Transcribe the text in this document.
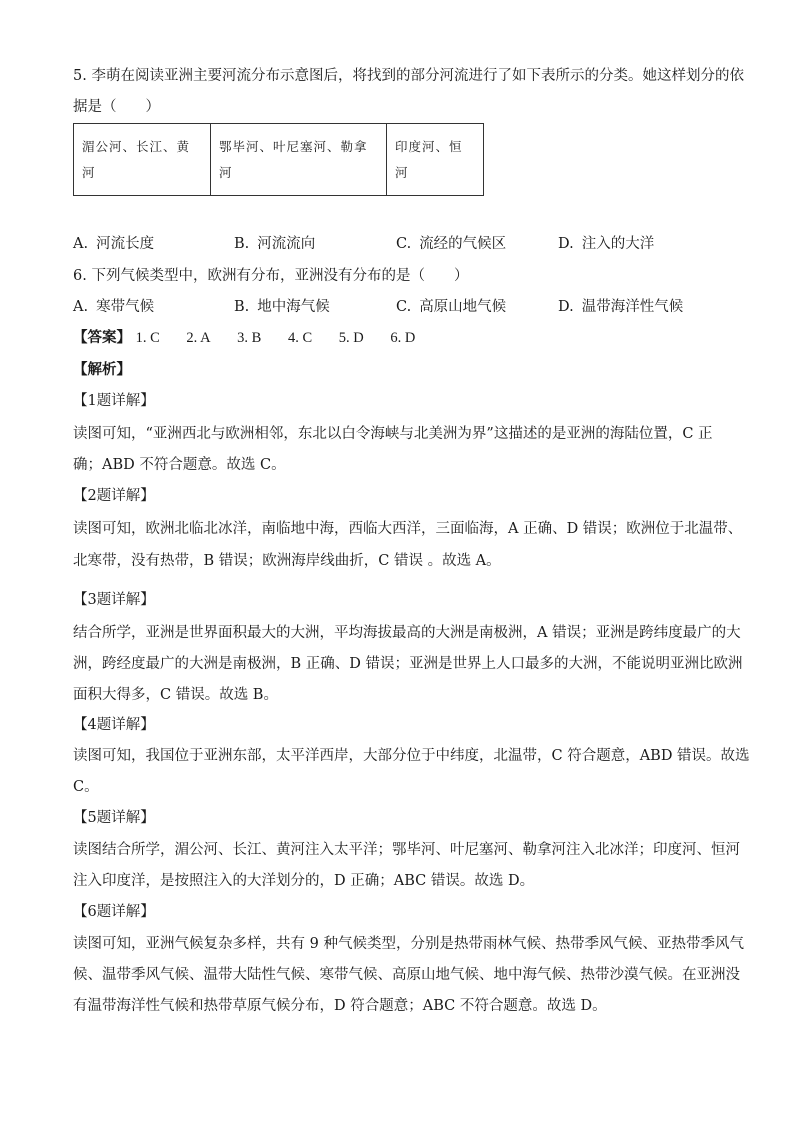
5. 李萌在阅读亚洲主要河流分布示意图后，将找到的部分河流进行了如下表所示的分类。她这样划分的依
据是（　　）
湄公河、长江、黄
河	鄂毕河、叶尼塞河、勒拿
河	印度河、恒
河
A. 河流长度	B. 河流流向	C. 流经的气候区	D. 注入的大洋
6. 下列气候类型中，欧洲有分布，亚洲没有分布的是（　　）
A. 寒带气候	B. 地中海气候	C. 高原山地气候	D. 温带海洋性气候
【答案】 1. C 2. A 3. B 4. C 5. D 6. D
【解析】
【1题详解】
读图可知，“亚洲西北与欧洲相邻，东北以白令海峡与北美洲为界”这描述的是亚洲的海陆位置，C 正
确；ABD 不符合题意。故选 C。
【2题详解】
读图可知，欧洲北临北冰洋，南临地中海，西临大西洋，三面临海，A 正确、D 错误；欧洲位于北温带、
北寒带，没有热带，B 错误；欧洲海岸线曲折，C 错误 。故选 A。
【3题详解】
结合所学，亚洲是世界面积最大的大洲，平均海拔最高的大洲是南极洲，A 错误；亚洲是跨纬度最广的大
洲，跨经度最广的大洲是南极洲，B 正确、D 错误；亚洲是世界上人口最多的大洲，不能说明亚洲比欧洲
面积大得多，C 错误。故选 B。
【4题详解】
读图可知，我国位于亚洲东部，太平洋西岸，大部分位于中纬度，北温带，C 符合题意，ABD 错误。故选
C。
【5题详解】
读图结合所学，湄公河、长江、黄河注入太平洋；鄂毕河、叶尼塞河、勒拿河注入北冰洋；印度河、恒河
注入印度洋，是按照注入的大洋划分的，D 正确；ABC 错误。故选 D。
【6题详解】
读图可知，亚洲气候复杂多样，共有 9 种气候类型，分别是热带雨林气候、热带季风气候、亚热带季风气
候、温带季风气候、温带大陆性气候、寒带气候、高原山地气候、地中海气候、热带沙漠气候。在亚洲没
有温带海洋性气候和热带草原气候分布，D 符合题意；ABC 不符合题意。故选 D。
